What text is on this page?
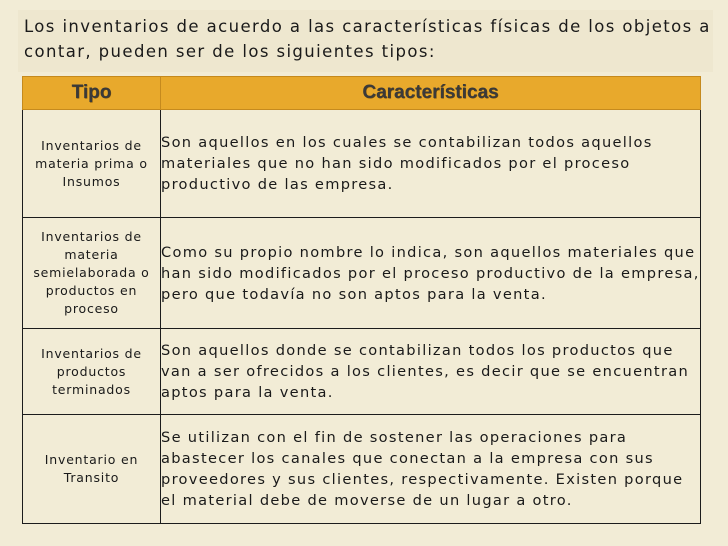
Los inventarios de acuerdo a las características físicas de los objetos a contar, pueden ser de los siguientes tipos:
Tipo	Características
Inventarios de materia prima o Insumos	Son aquellos en los cuales se contabilizan todos aquellos materiales que no han sido modificados por el proceso productivo de las empresa.
Inventarios de materia semielaborada o productos en proceso	Como su propio nombre lo indica, son aquellos materiales que han sido modificados por el proceso productivo de la empresa, pero que todavía no son aptos para la venta.
Inventarios de productos terminados	Son aquellos donde se contabilizan todos los productos que van a ser ofrecidos a los clientes, es decir que se encuentran aptos para la venta.
Inventario en Transito	Se utilizan con el fin de sostener las operaciones para abastecer los canales que conectan a la empresa con sus proveedores y sus clientes, respectivamente. Existen porque el material debe de moverse de un lugar a otro.
